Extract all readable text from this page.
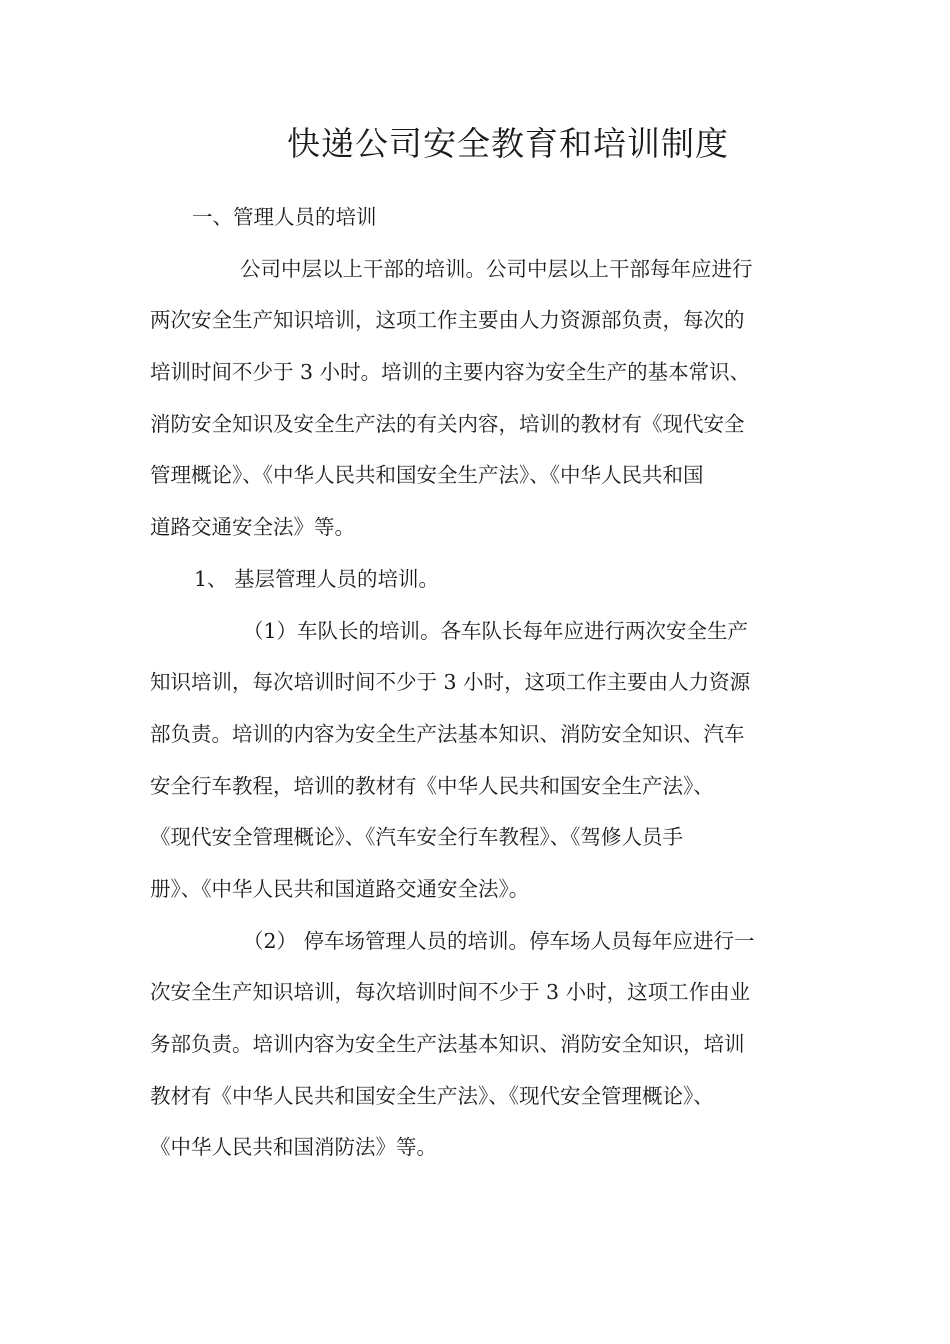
快递公司安全教育和培训制度
一、管理人员的培训
公司中层以上干部的培训。公司中层以上干部每年应进行
两次安全生产知识培训，这项工作主要由人力资源部负责，每次的
培训时间不少于 3 小时。培训的主要内容为安全生产的基本常识、
消防安全知识及安全生产法的有关内容，培训的教材有《现代安全
管理概论》、《中华人民共和国安全生产法》、《中华人民共和国
道路交通安全法》等。
1、 基层管理人员的培训。
（1）车队长的培训。各车队长每年应进行两次安全生产
知识培训，每次培训时间不少于 3 小时，这项工作主要由人力资源
部负责。培训的内容为安全生产法基本知识、消防安全知识、汽车
安全行车教程，培训的教材有《中华人民共和国安全生产法》、
《现代安全管理概论》、《汽车安全行车教程》、《驾修人员手
册》、《中华人民共和国道路交通安全法》。
（2） 停车场管理人员的培训。停车场人员每年应进行一
次安全生产知识培训，每次培训时间不少于 3 小时，这项工作由业
务部负责。培训内容为安全生产法基本知识、消防安全知识，培训
教材有《中华人民共和国安全生产法》、《现代安全管理概论》、
《中华人民共和国消防法》等。
